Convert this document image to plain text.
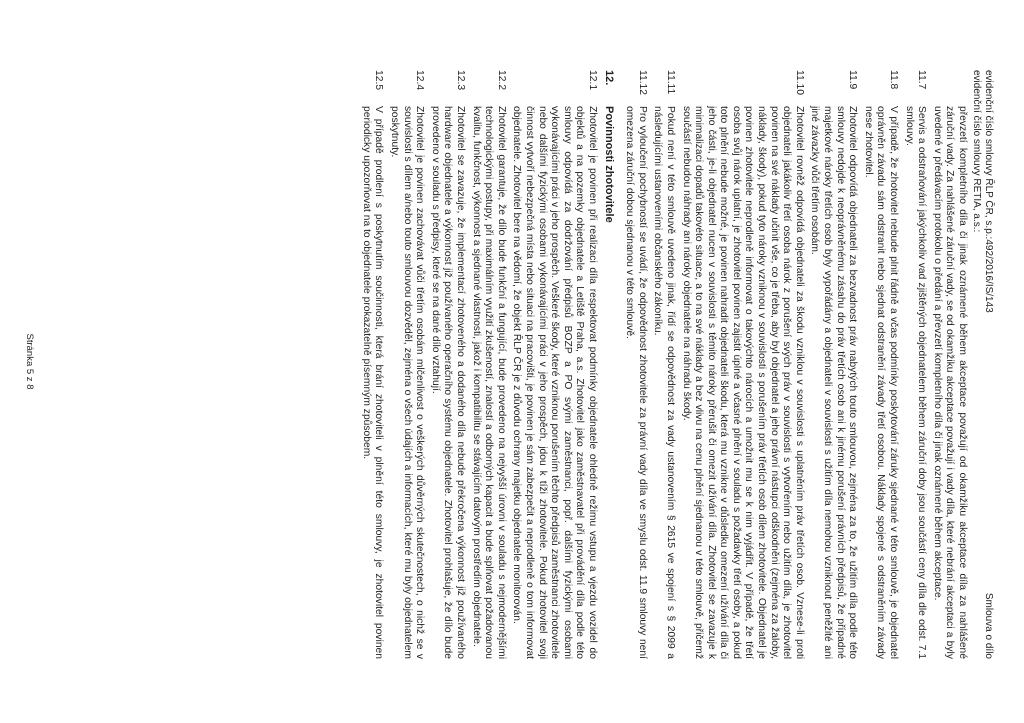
evidenční číslo smlouvy ŘLP ČR, s.p.:492/2016/IS/143
evidenční číslo smlouvy RETIA, a.s.:
Smlouva o dílo
převzetí kompletního díla či jinak oznámené během akceptace považují od okamžiku akceptace díla za nahlášené záruční vady. Za nahlášené záruční vady, se od okamžiku akceptace považují i vady díla, které nebrání akceptaci a byly uvedené v předávacím protokolu o předání a převzetí kompletního díla či jinak oznámené během akceptace.
11.7
Servis a odstraňování jakýchkoliv vad zjištěných objednatelem během záruční doby jsou součástí ceny díla dle odst. 7.1 smlouvy.
11.8
V případě, že zhotovitel nebude plnit řádně a včas podmínky poskytování záruky sjednané v této smlouvě, je objednatel oprávněn závadu sám odstranit nebo sjednat odstranění závady třetí osobou. Náklady spojené s odstraněním závady nese zhotovitel.
11.9
Zhotovitel odpovídá objednateli za bezvadnost práv nabytých touto smlouvou, zejména za to, že užitím díla podle této smlouvy nedojde k neoprávněnému zásahu do práv třetích osob ani k jinému porušení právních předpisů, že případné majetkové nároky třetích osob byly vypořádány a objednateli v souvislosti s užitím díla nemohou vzniknout peněžité ani jiné závazky vůči třetím osobám.
11.10
Zhotovitel rovněž odpovídá objednateli za škodu vzniklou v souvislosti s uplatněním práv třetích osob. Vznese-li proti objednateli jakákoliv třetí osoba nárok z porušení svých práv v souvislosti s vytvořením nebo užitím díla, je zhotovitel povinen na své náklady učinit vše, co je třeba, aby byl objednatel a jeho právní nástupci odškodněni (zejména za žaloby, náklady, škody), pokud tyto nároky vzniknou v souvislosti s porušením práv třetích osob dílem zhotovitele. Objednatel je povinen zhotovitele neprodleně informovat o takovýchto nárocích a umožnit mu se k nim vyjádřit. V případě, že třetí osoba svůj nárok uplatní, je zhotovitel povinen zajistit úplné a včasné plnění v souladu s požadavky třetí osoby, a pokud toto plnění nebude možné, je povinen nahradit objednateli škodu, která mu vznikne v důsledku omezení užívání díla či jeho části, je-li objednatel nucen v souvislosti s těmito nároky přerušit či omezit užívání díla. Zhotovitel se zavazuje k minimalizaci dopadů takovéto situace, a to na své náklady a bez vlivu na cenu plnění sjednanou v této smlouvě, přičemž součástí nebudou náhrady ani nároky objednatele na náhradu škody.
11.11
Pokud není v této smlouvě uvedeno jinak, řídí se odpovědnost za vady ustanovením § 2615 ve spojení s § 2099 a následujícími ustanoveními občanského zákoníku.
11.12
Pro vyloučení pochybností se uvádí, že odpovědnost zhotovitele za právní vady díla ve smyslu odst. 11.9 smlouvy není omezena záruční dobou sjednanou v této smlouvě.
12.
Povinnosti zhotovitele
12.1
Zhotovitel je povinen při realizaci díla respektovat podmínky objednatele ohledně režimu vstupu a vjezdu vozidel do objektů a na pozemky objednatele a Letiště Praha, a.s. Zhotovitel jako zaměstnavatel při provádění díla podle této smlouvy odpovídá za dodržování předpisů BOZP a PO svými zaměstnanci, popř. dalšími fyzickými osobami vykonávajícími práci v jeho prospěch. Veškeré škody, které vzniknou porušením těchto předpisů zaměstnanci zhotovitele nebo dalšími fyzickými osobami vykonávajícími práci v jeho prospěch, jdou k tíži zhotovitele. Pokud zhotovitel svoji činnost vytvoří nebezpečná místa nebo situaci na pracovišti, je povinen je sám zabezpečit a neprodleně o tom informovat objednatele. Zhotovitel bere na vědomí, že objekt ŘLP ČR je z důvodu ochrany majetku objednatele monitorován.
12.2
Zhotovitel garantuje, že dílo bude funkční a fungující, bude provedeno na nejvyšší úrovni v souladu s nejmodernějšími technologickými postupy, při maximálním využití zkušeností, znalostí a odborných kapacit a bude splňovat požadovanou kvalitu, funkčnost, výkonnost a sjednané vlastnosti, jakož i kompatibilitu se stávajícím datovým prostředím objednatele.
12.3
Zhotovitel se zavazuje, že implementací zhotoveného a dodaného díla nebude překročena výkonnost již používaného hardware objednatele a výkonnost již používaného operačního systému objednatele. Zhotovitel prohlašuje, že dílo bude provedeno v souladu s předpisy, které se na dané dílo vztahují.
12.4
Zhotovitel je povinen zachovávat vůči třetím osobám mlčenlivost o veškerých důvěrných skutečnostech, o nichž se v souvislosti s dílem a/nebo touto smlouvou dozvěděl, zejména o všech údajích a informacích, které mu byly objednatelem poskytnuty.
12.5
V případě prodlení s poskytnutím součinnosti, která brání zhotoviteli v plnění této smlouvy, je zhotovitel povinen periodicky upozorňovat na to objednatele prokazatelně písemným způsobem.
Stránka 5 z 8
